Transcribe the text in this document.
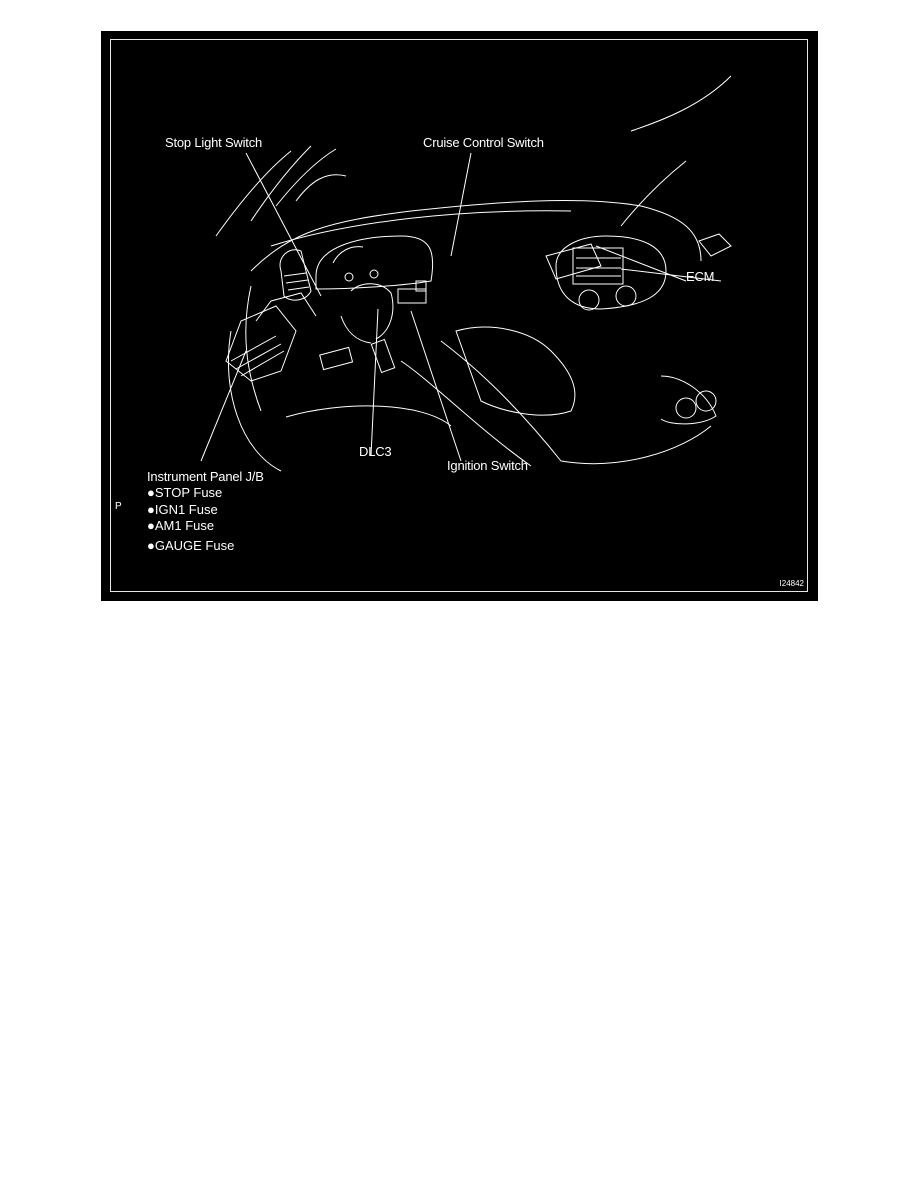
Stop Light Switch	Cruise Control Switch
ECM
DLC3
Ignition Switch
Instrument Panel J/B
●STOP Fuse
●IGN1 Fuse
●AM1 Fuse
●GAUGE Fuse
P
I24842
